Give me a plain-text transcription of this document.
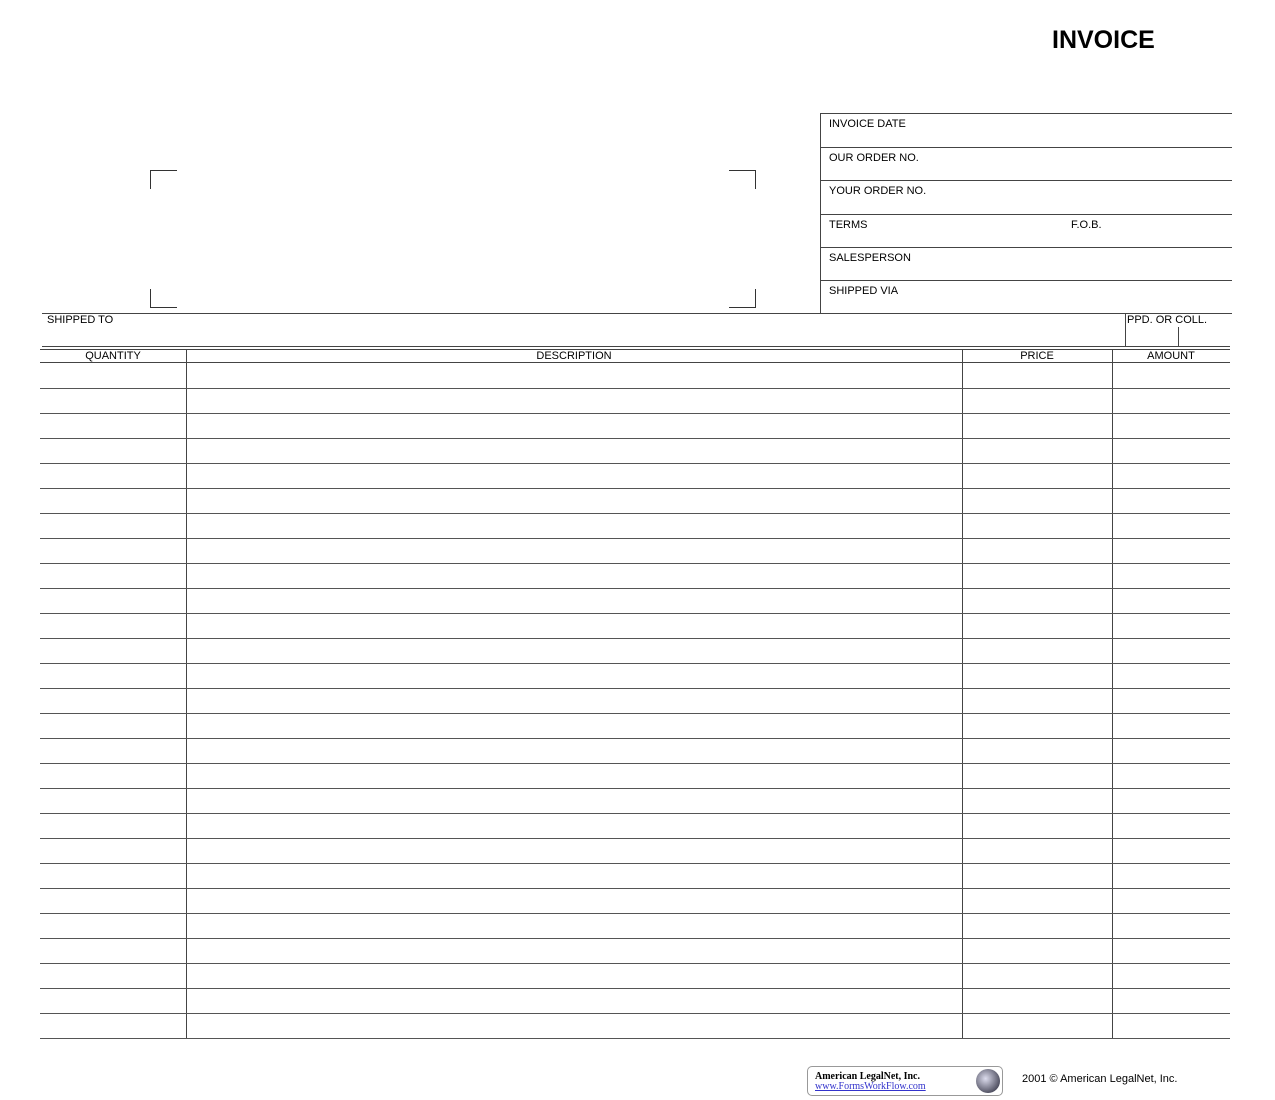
INVOICE
INVOICE DATE
OUR ORDER NO.
YOUR ORDER NO.
TERMS	F.O.B.
SALESPERSON
SHIPPED VIA
SHIPPED TO	PPD. OR COLL.
QUANTITY	DESCRIPTION	PRICE	AMOUNT
American LegalNet, Inc.
www.FormsWorkFlow.com
2001 © American LegalNet, Inc.
